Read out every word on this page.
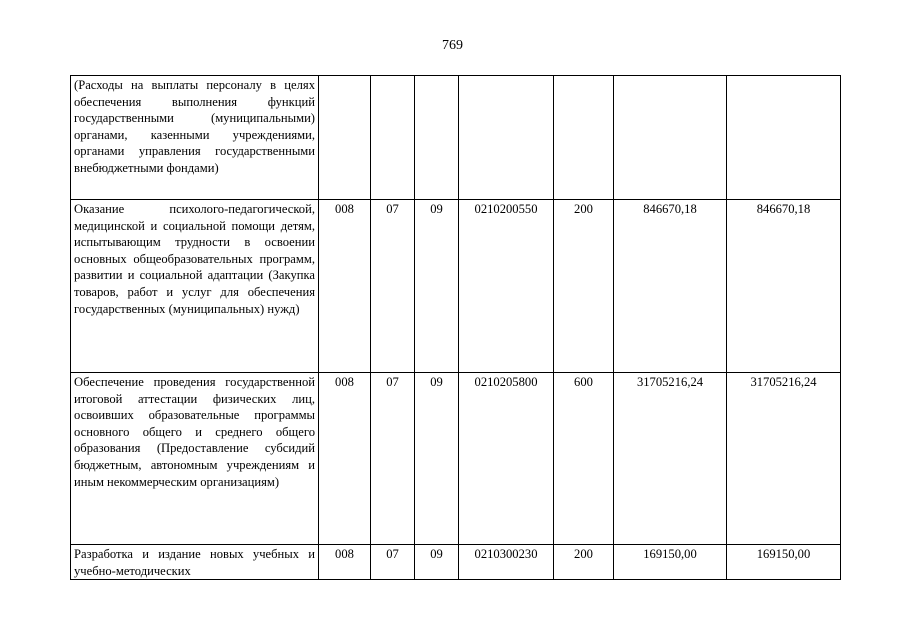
769
(Расходы на выплаты персоналу в целях обеспечения выполнения функций государственными (муниципальными) органами, казенными учреждениями, органами управления государственными внебюджетными фондами)							
Оказание психолого-педагогической, медицинской и социальной помощи детям, испытывающим трудности в освоении основных общеобразовательных программ, развитии и социальной адаптации (Закупка товаров, работ и услуг для обеспечения государственных (муниципальных) нужд)	008	07	09	0210200550	200	846670,18	846670,18
Обеспечение проведения государственной итоговой аттестации физических лиц, освоивших образовательные программы основного общего и среднего общего образования (Предоставление субсидий бюджетным, автономным учреждениям и иным некоммерческим организациям)	008	07	09	0210205800	600	31705216,24	31705216,24

Разработка и издание новых учебных и учебно-методических	008	07	09	0210300230	200	169150,00	169150,00
